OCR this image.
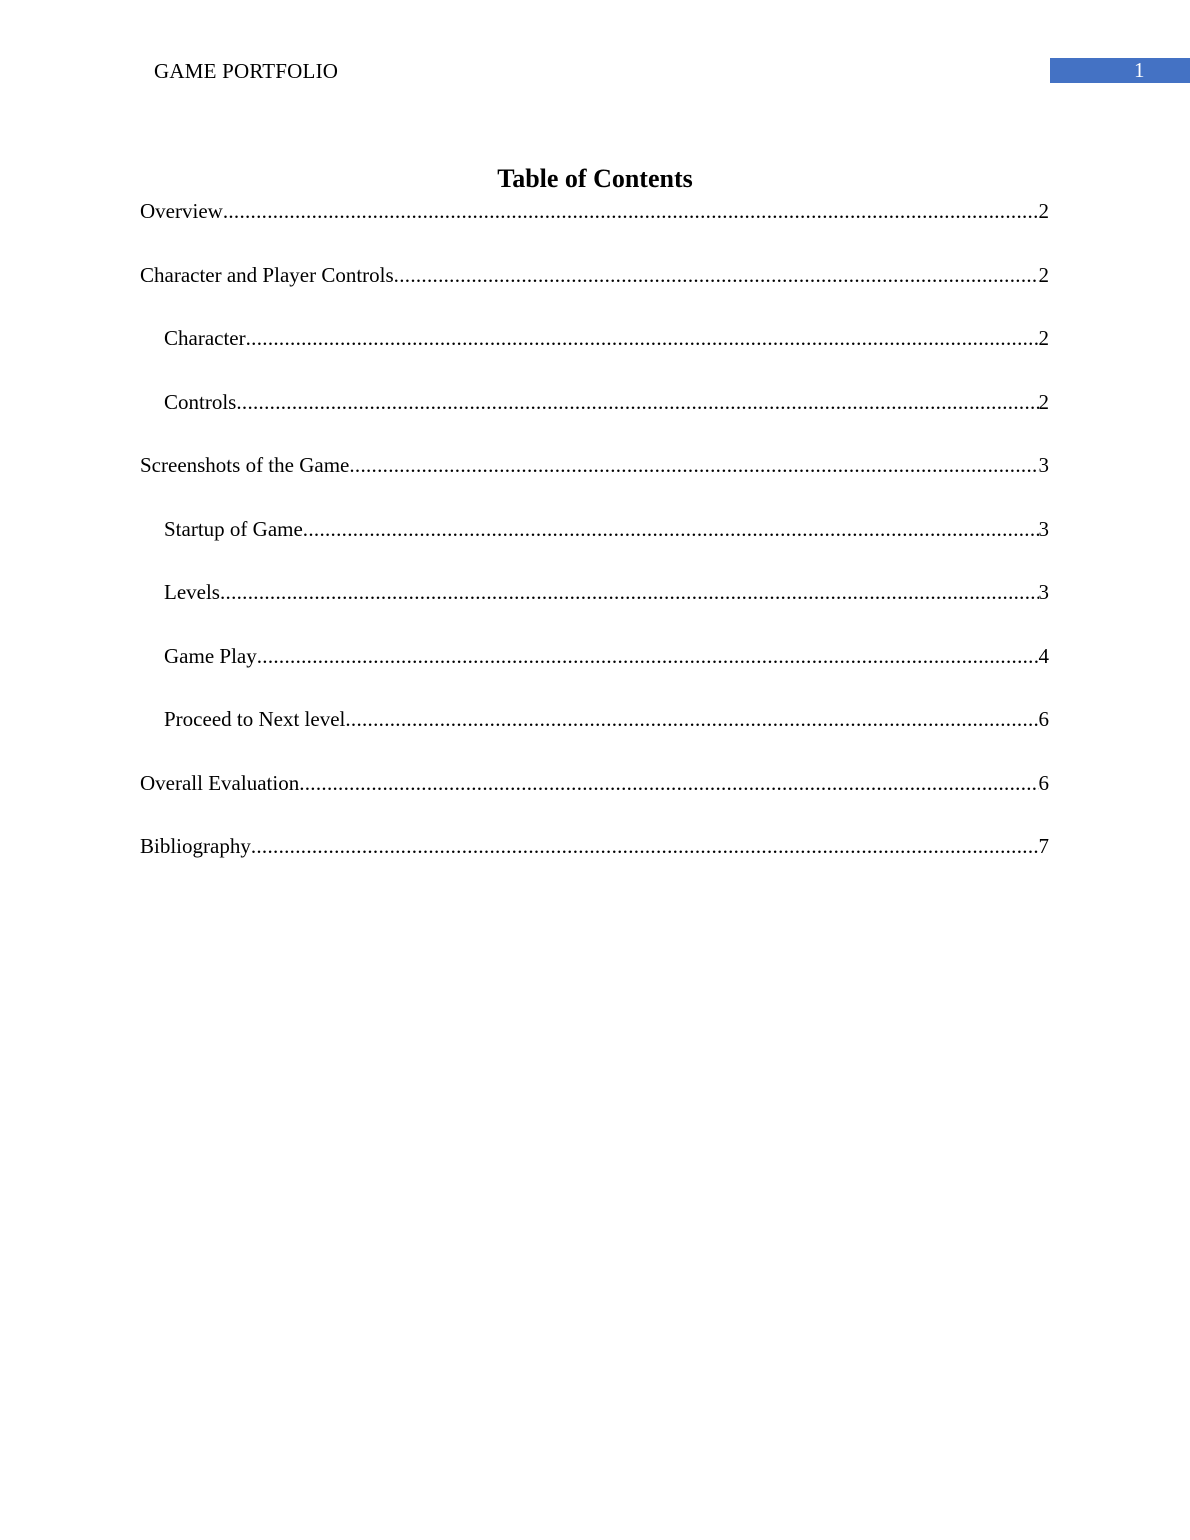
GAME PORTFOLIO	1
Table of Contents
Overview .....	2
Character and Player Controls .....	2
Character .....	2
Controls .....	2
Screenshots of the Game .....	3
Startup of Game .....	3
Levels .....	3
Game Play .....	4
Proceed to Next level .....	6
Overall Evaluation .....	6
Bibliography .....	7
